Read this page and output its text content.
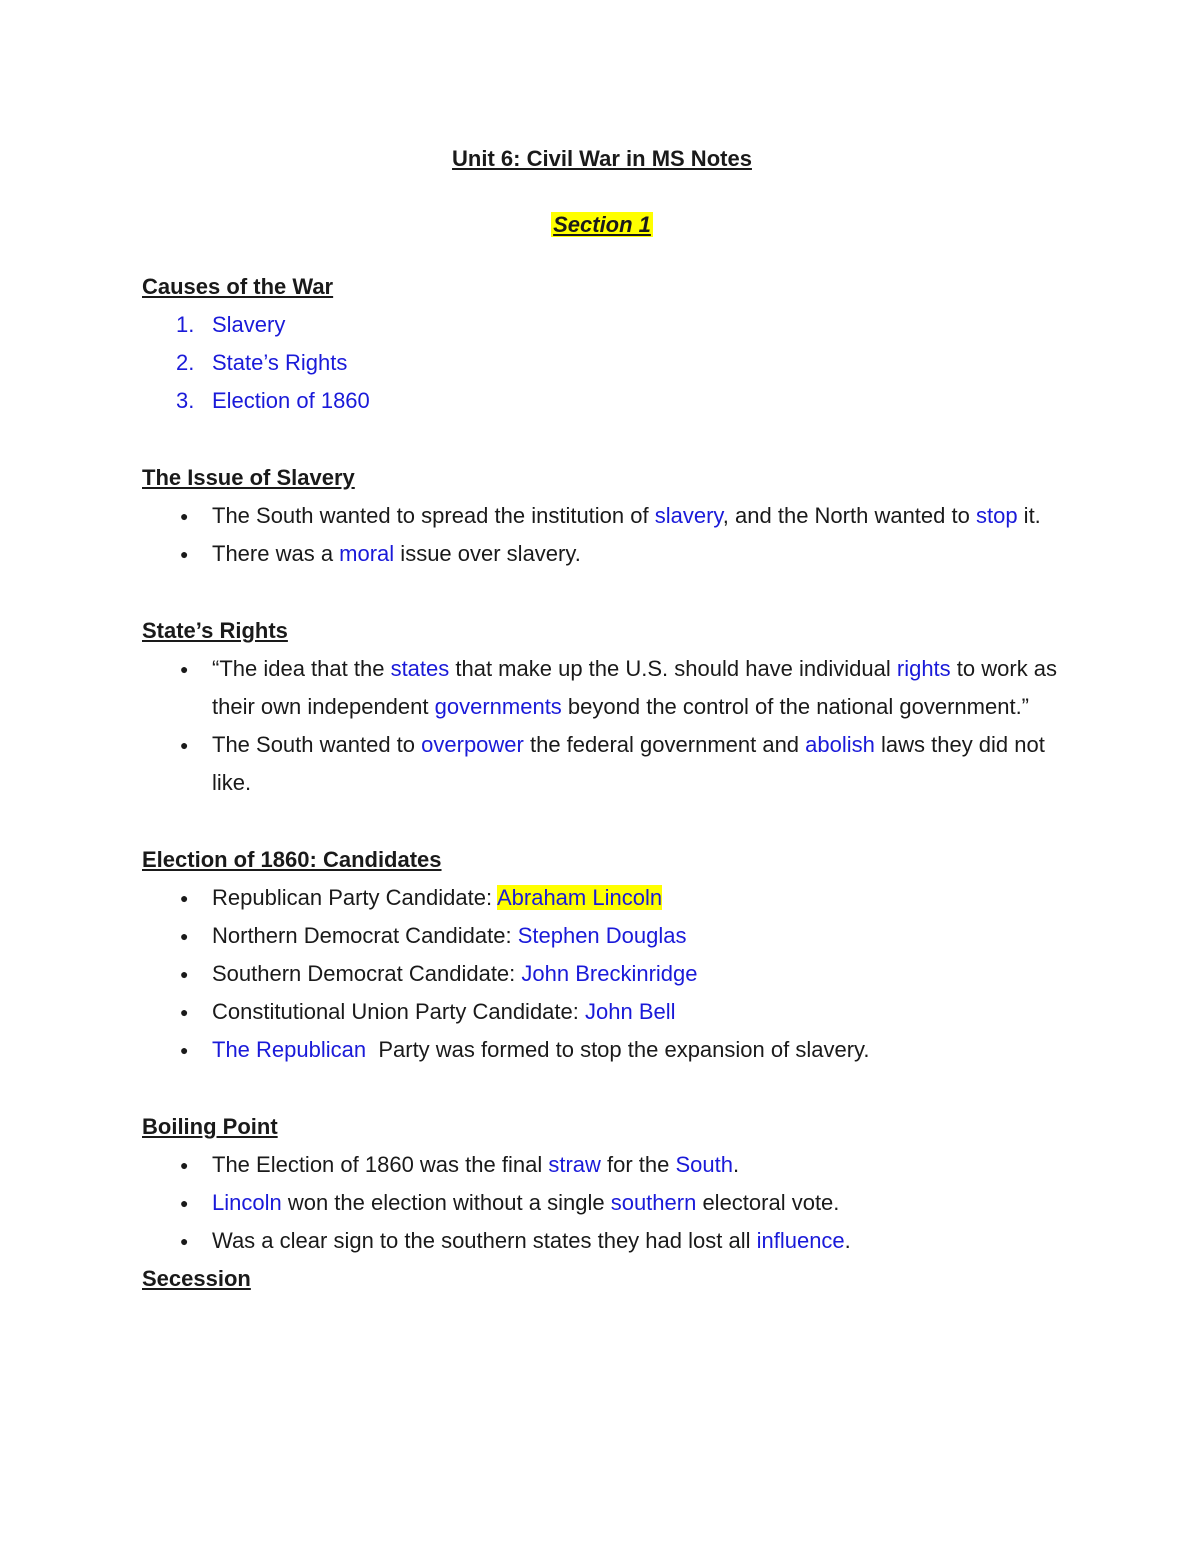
Unit 6: Civil War in MS Notes

Section 1

Causes of the War

1. Slavery
2. State’s Rights
3. Election of 1860

The Issue of Slavery

● The South wanted to spread the institution of slavery, and the North wanted to stop it.
● There was a moral issue over slavery.

State’s Rights

● “The idea that the states that make up the U.S. should have individual rights to work as their own independent governments beyond the control of the national government.”
● The South wanted to overpower the federal government and abolish laws they did not like.

Election of 1860: Candidates

● Republican Party Candidate: Abraham Lincoln
● Northern Democrat Candidate: Stephen Douglas
● Southern Democrat Candidate: John Breckinridge
● Constitutional Union Party Candidate: John Bell
● The Republican  Party was formed to stop the expansion of slavery.

Boiling Point

● The Election of 1860 was the final straw for the South.
● Lincoln won the election without a single southern electoral vote.
● Was a clear sign to the southern states they had lost all influence.

Secession
